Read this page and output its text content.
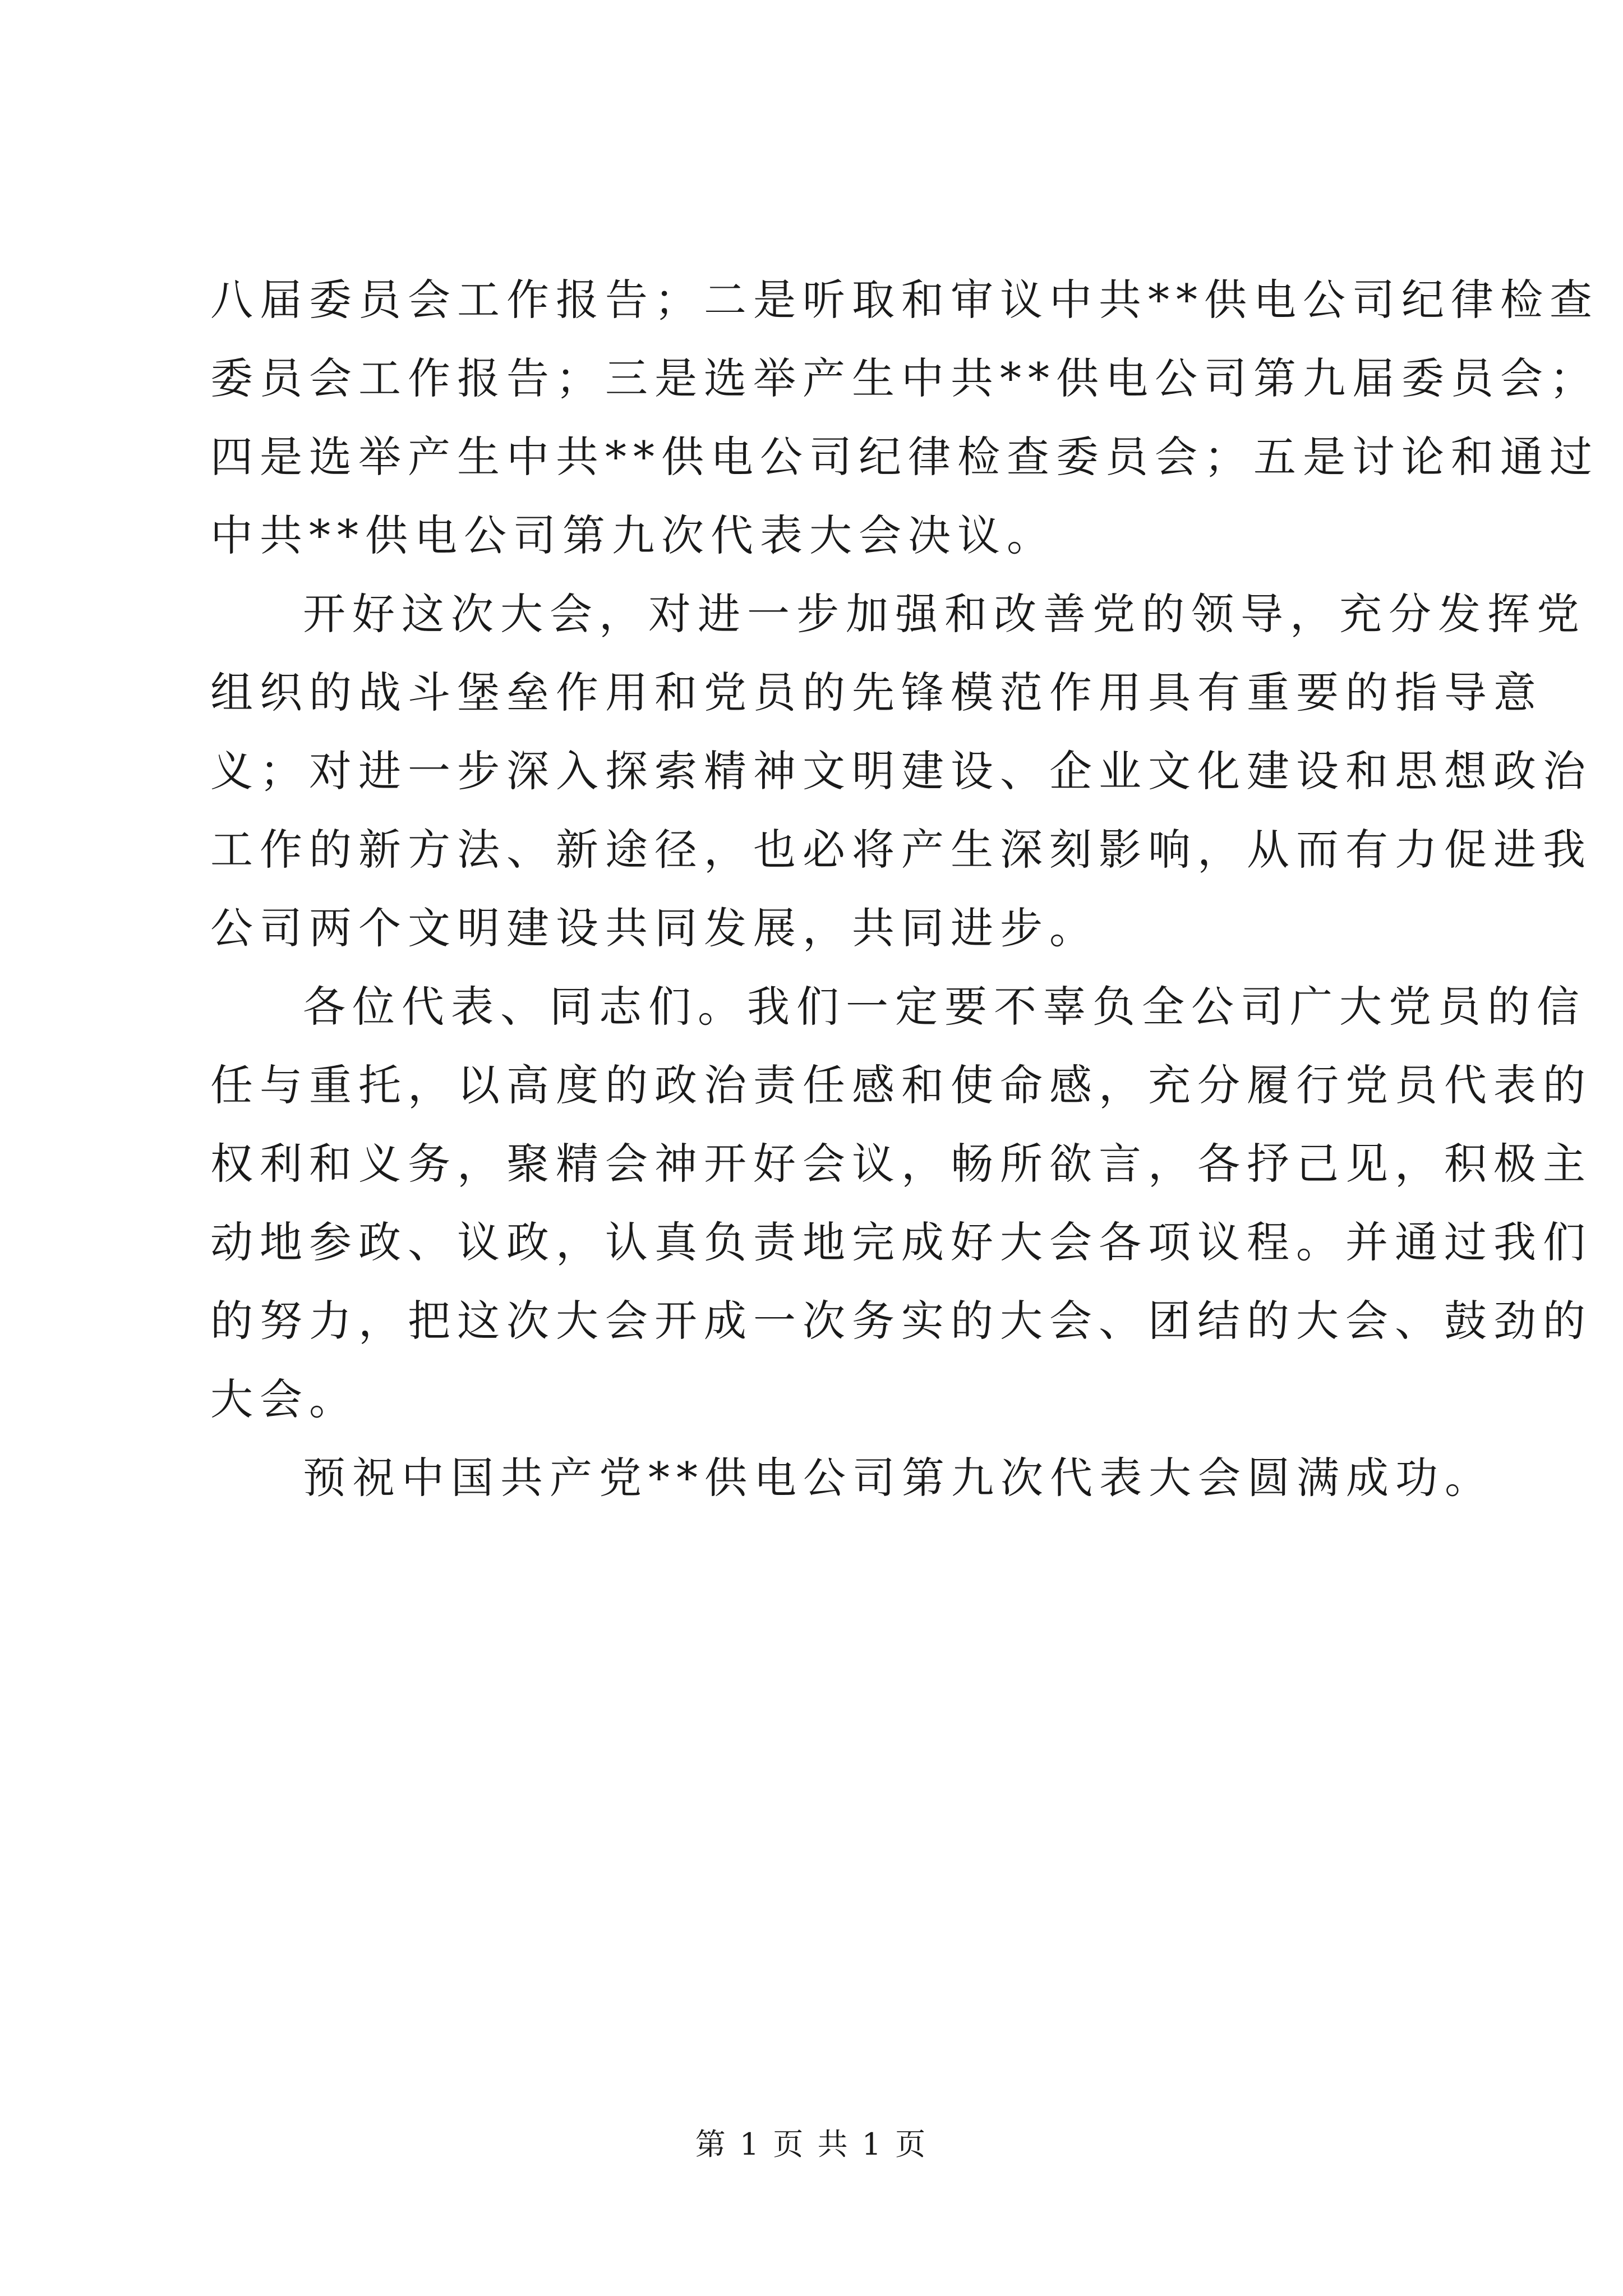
八届委员会工作报告；二是听取和审议中共**供电公司纪律检查
委员会工作报告；三是选举产生中共**供电公司第九届委员会；
四是选举产生中共**供电公司纪律检查委员会；五是讨论和通过
中共**供电公司第九次代表大会决议。
开好这次大会，对进一步加强和改善党的领导，充分发挥党
组织的战斗堡垒作用和党员的先锋模范作用具有重要的指导意
义；对进一步深入探索精神文明建设、企业文化建设和思想政治
工作的新方法、新途径，也必将产生深刻影响，从而有力促进我
公司两个文明建设共同发展，共同进步。
各位代表、同志们。我们一定要不辜负全公司广大党员的信
任与重托，以高度的政治责任感和使命感，充分履行党员代表的
权利和义务，聚精会神开好会议，畅所欲言，各抒己见，积极主
动地参政、议政，认真负责地完成好大会各项议程。并通过我们
的努力，把这次大会开成一次务实的大会、团结的大会、鼓劲的
大会。
预祝中国共产党**供电公司第九次代表大会圆满成功。
第 1 页 共 1 页
